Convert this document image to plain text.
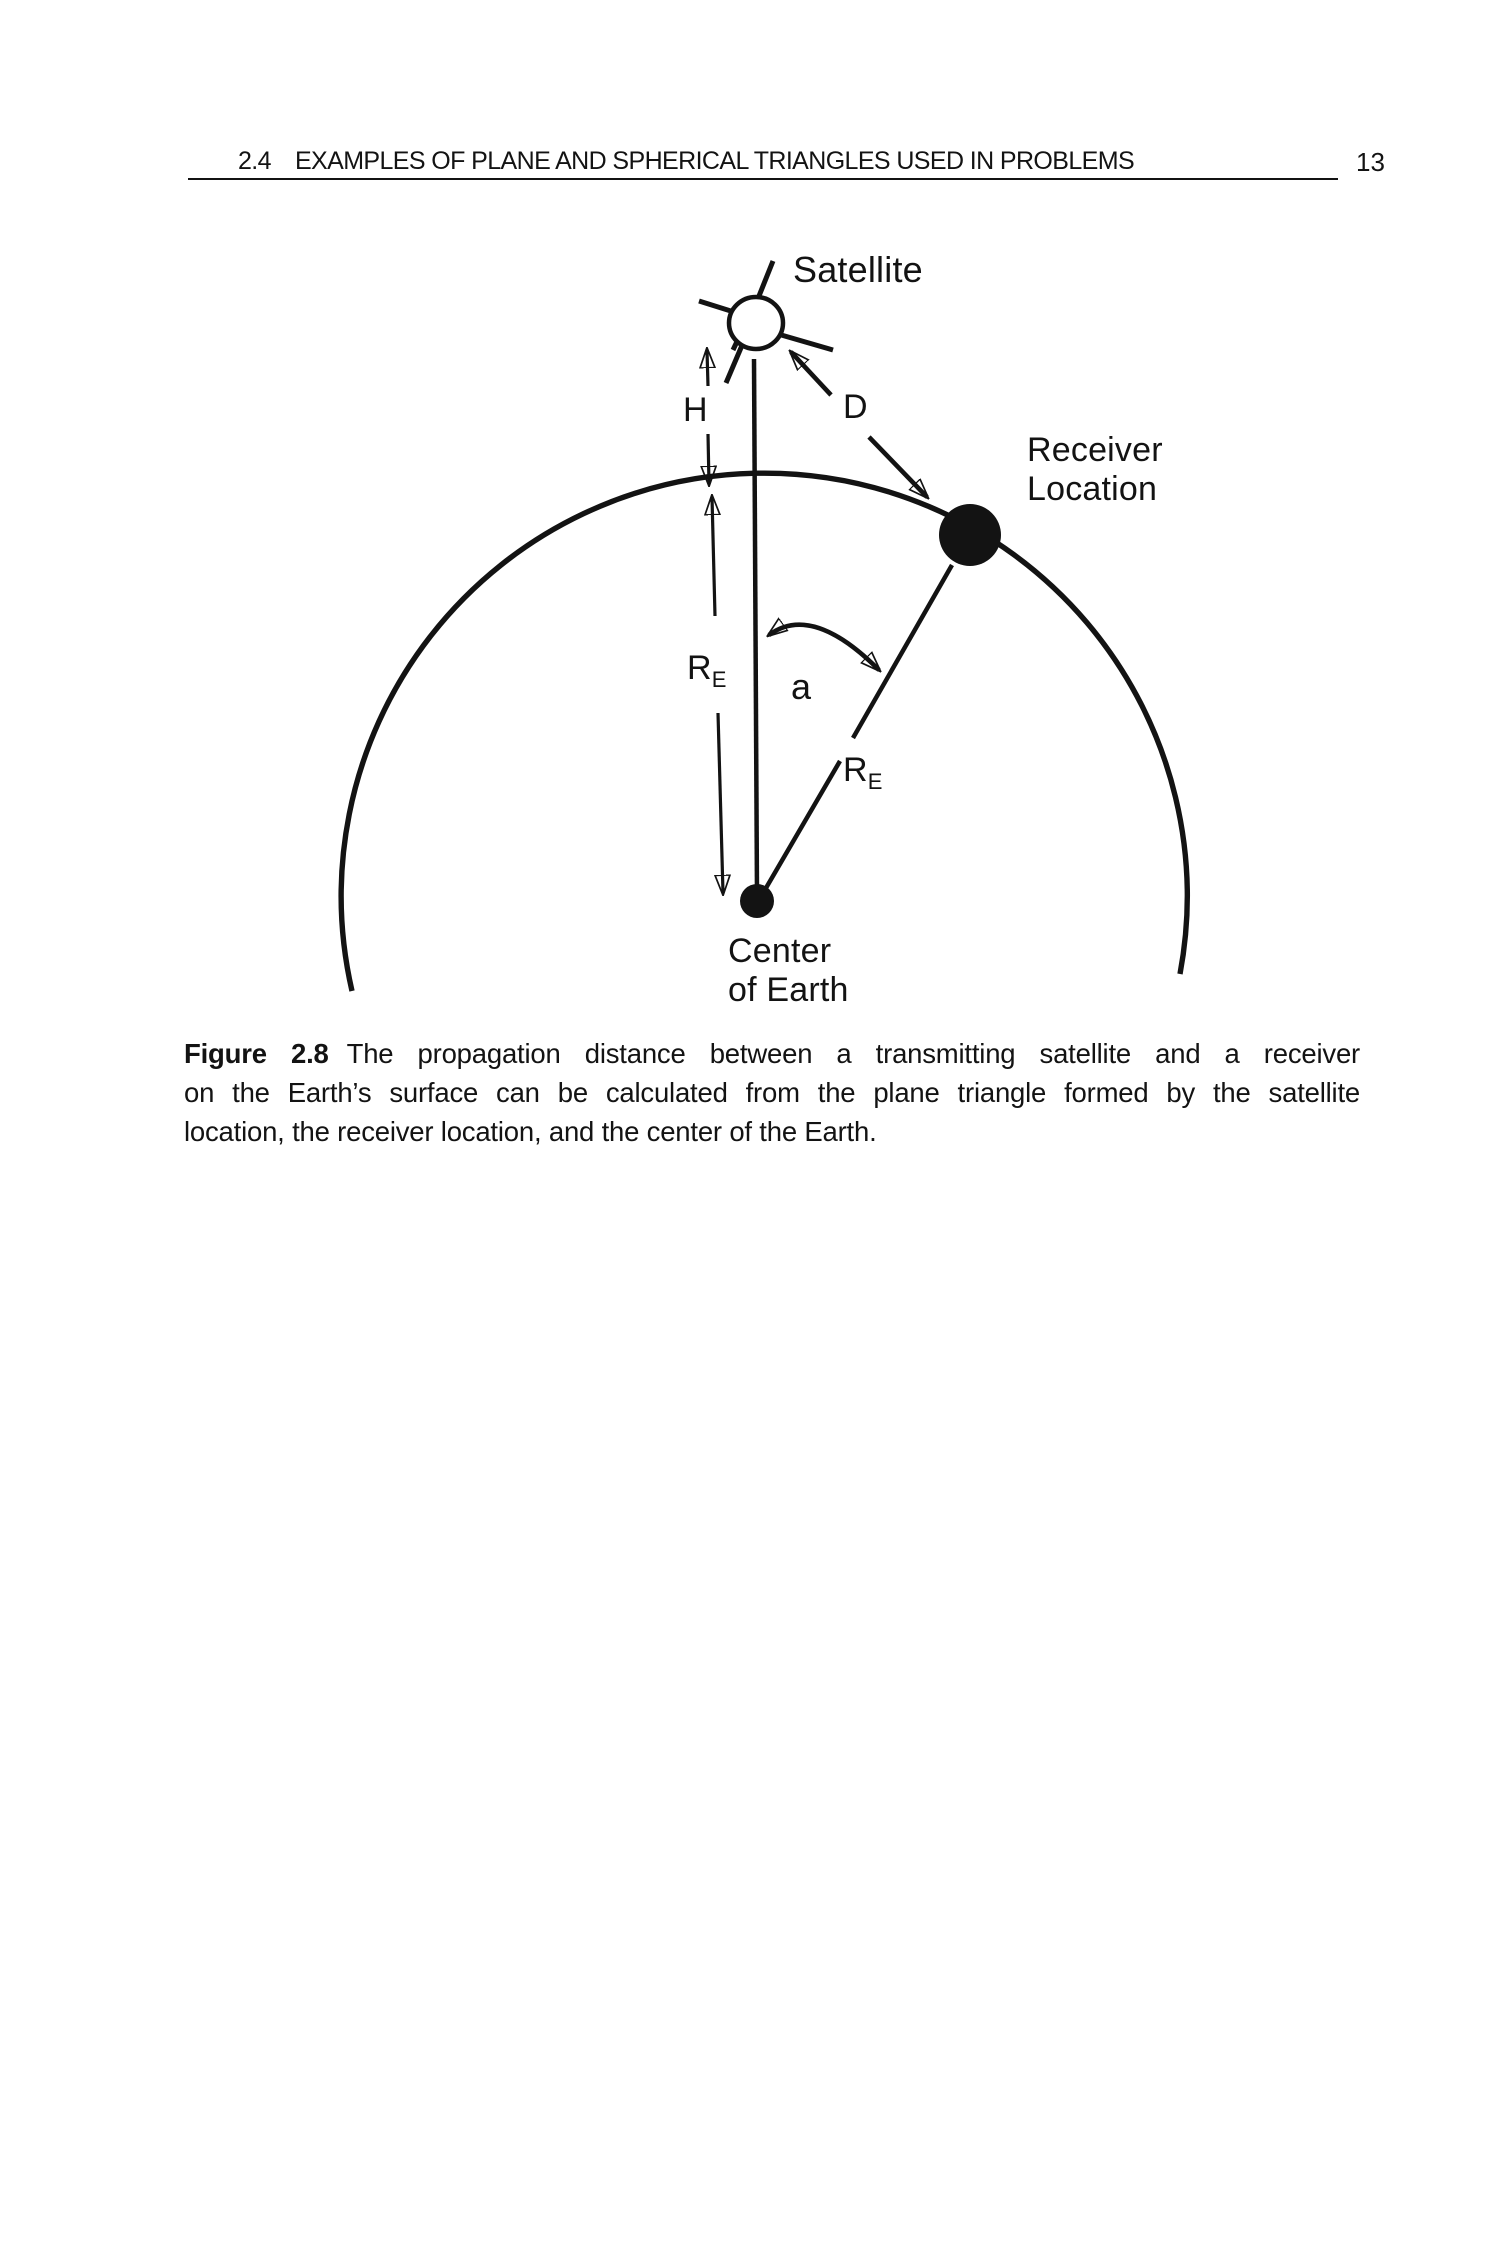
2.4 EXAMPLES OF PLANE AND SPHERICAL TRIANGLES USED IN PROBLEMS	13
Satellite
H	D
Receiver
Location
$R_E$ a
$R_E$
Center
of Earth
Figure 2.8 The propagation distance between a transmitting satellite and a receiver
on the Earth’s surface can be calculated from the plane triangle formed by the satellite
location, the receiver location, and the center of the Earth.
